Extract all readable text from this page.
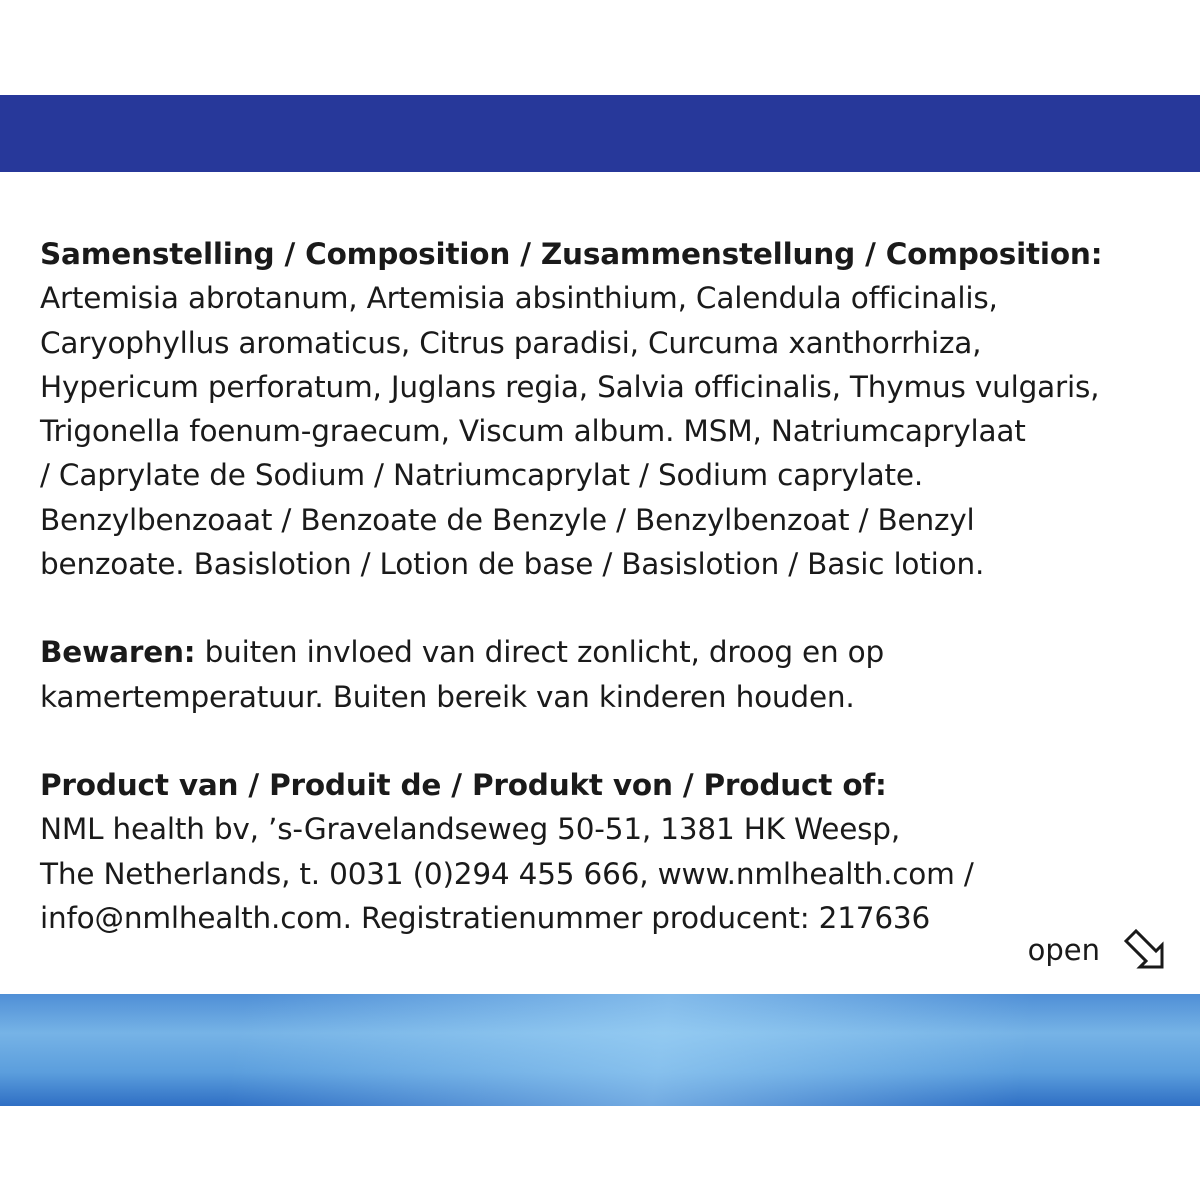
Samenstelling / Composition / Zusammenstellung / Composition:
Artemisia abrotanum, Artemisia absinthium, Calendula officinalis,
Caryophyllus aromaticus, Citrus paradisi, Curcuma xanthorrhiza,
Hypericum perforatum, Juglans regia, Salvia officinalis, Thymus vulgaris,
Trigonella foenum-graecum, Viscum album. MSM, Natriumcaprylaat
/ Caprylate de Sodium / Natriumcaprylat / Sodium caprylate.
Benzylbenzoaat / Benzoate de Benzyle / Benzylbenzoat / Benzyl
benzoate. Basislotion / Lotion de base / Basislotion / Basic lotion.

Bewaren: buiten invloed van direct zonlicht, droog en op
kamertemperatuur. Buiten bereik van kinderen houden.

Product van / Produit de / Produkt von / Product of:
NML health bv, ’s-Gravelandseweg 50-51, 1381 HK Weesp,
The Netherlands, t. 0031 (0)294 455 666, www.nmlhealth.com /
info@nmlhealth.com. Registratienummer producent: 217636

open
